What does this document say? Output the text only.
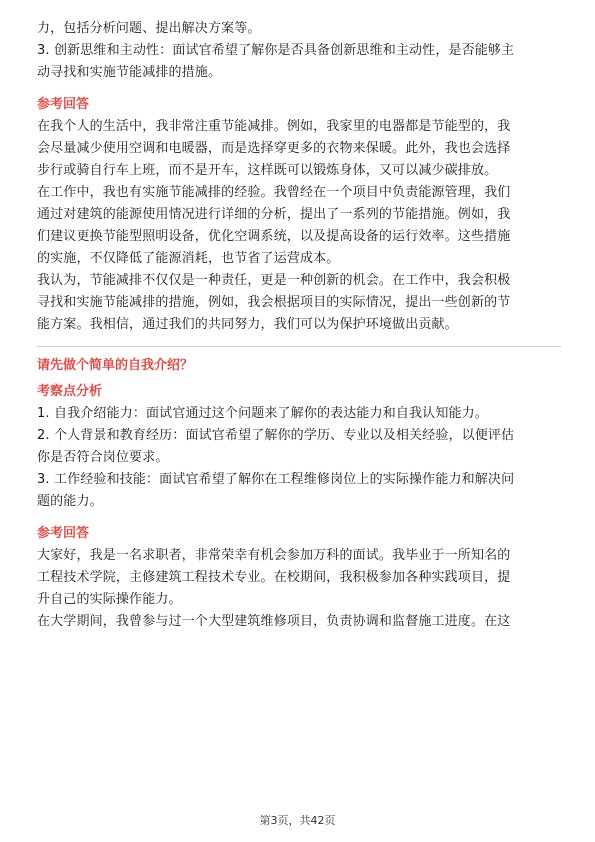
力，包括分析问题、提出解决方案等。

3. 创新思维和主动性：面试官希望了解你是否具备创新思维和主动性，是否能够主

动寻找和实施节能减排的措施。

参考回答

在我个人的生活中，我非常注重节能减排。例如，我家里的电器都是节能型的，我

会尽量减少使用空调和电暖器，而是选择穿更多的衣物来保暖。此外，我也会选择

步行或骑自行车上班，而不是开车，这样既可以锻炼身体，又可以减少碳排放。

在工作中，我也有实施节能减排的经验。我曾经在一个项目中负责能源管理，我们

通过对建筑的能源使用情况进行详细的分析，提出了一系列的节能措施。例如，我

们建议更换节能型照明设备，优化空调系统，以及提高设备的运行效率。这些措施

的实施，不仅降低了能源消耗，也节省了运营成本。

我认为，节能减排不仅仅是一种责任，更是一种创新的机会。在工作中，我会积极

寻找和实施节能减排的措施，例如，我会根据项目的实际情况，提出一些创新的节

能方案。我相信，通过我们的共同努力，我们可以为保护环境做出贡献。

请先做个简单的自我介绍？
考察点分析

1. 自我介绍能力：面试官通过这个问题来了解你的表达能力和自我认知能力。

2. 个人背景和教育经历：面试官希望了解你的学历、专业以及相关经验，以便评估

你是否符合岗位要求。

3. 工作经验和技能：面试官希望了解你在工程维修岗位上的实际操作能力和解决问

题的能力。

参考回答

大家好，我是一名求职者，非常荣幸有机会参加万科的面试。我毕业于一所知名的

工程技术学院，主修建筑工程技术专业。在校期间，我积极参加各种实践项目，提

升自己的实际操作能力。

在大学期间，我曾参与过一个大型建筑维修项目，负责协调和监督施工进度。在这

第3页，共42页
